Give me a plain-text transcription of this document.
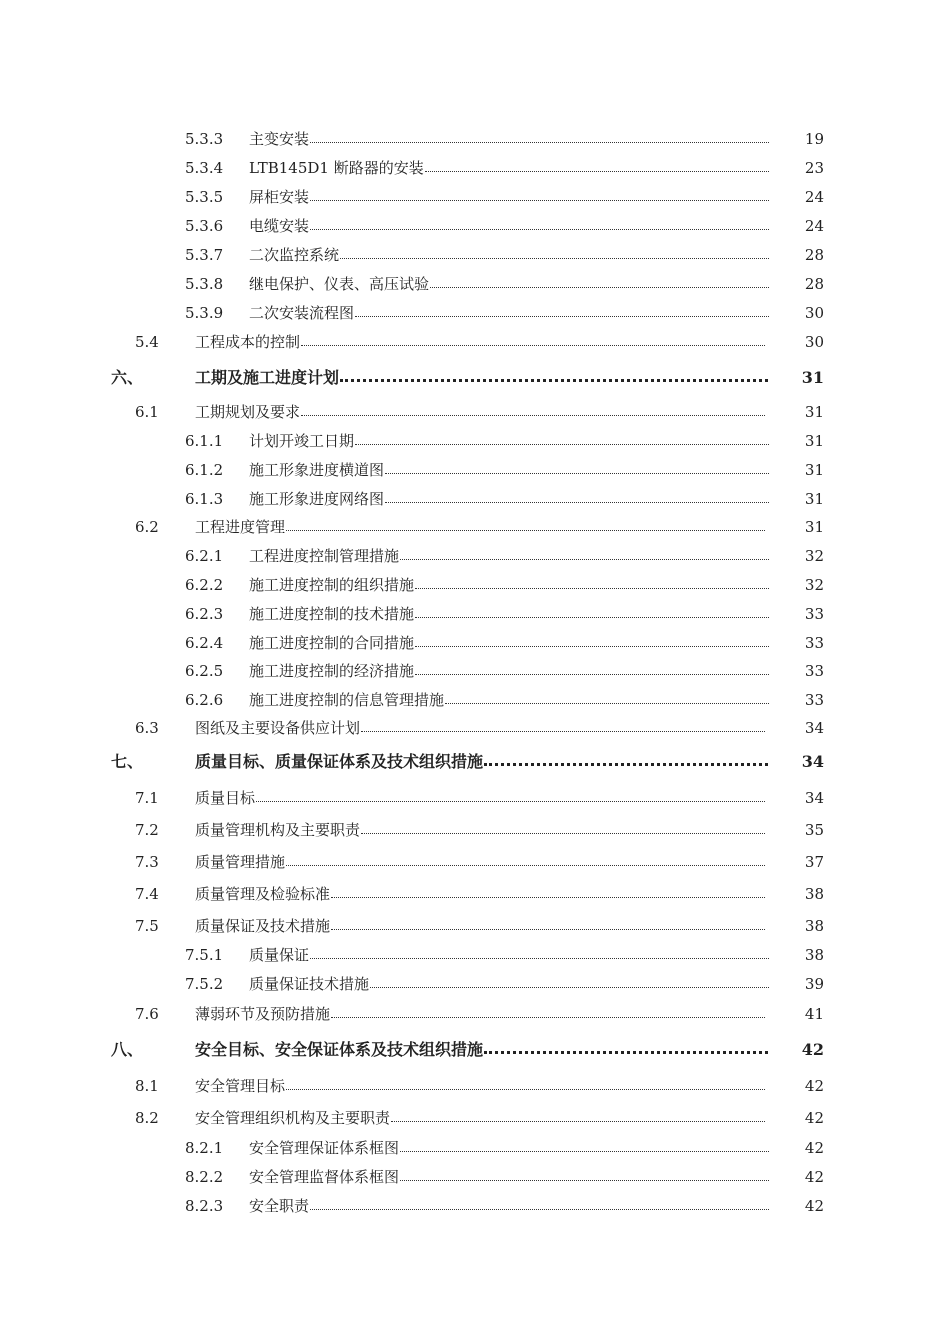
5.3.3 主变安装	19
5.3.4 LTB145D1 断路器的安装	23
5.3.5 屏柜安装	24
5.3.6 电缆安装	24
5.3.7 二次监控系统	28
5.3.8 继电保护、仪表、高压试验	28
5.3.9 二次安装流程图	30
5.4 工程成本的控制	30
六、	工期及施工进度计划	31
6.1 工期规划及要求	31
6.1.1 计划开竣工日期	31
6.1.2 施工形象进度横道图	31
6.1.3 施工形象进度网络图	31
6.2 工程进度管理	31
6.2.1 工程进度控制管理措施	32
6.2.2 施工进度控制的组织措施	32
6.2.3 施工进度控制的技术措施	33
6.2.4 施工进度控制的合同措施	33
6.2.5 施工进度控制的经济措施	33
6.2.6 施工进度控制的信息管理措施	33
6.3 图纸及主要设备供应计划	34
七、	质量目标、质量保证体系及技术组织措施	34
7.1 质量目标	34
7.2 质量管理机构及主要职责	35
7.3 质量管理措施	37
7.4 质量管理及检验标准	38
7.5 质量保证及技术措施	38
7.5.1 质量保证	38
7.5.2 质量保证技术措施	39
7.6 薄弱环节及预防措施	41
八、	安全目标、安全保证体系及技术组织措施	42
8.1 安全管理目标	42
8.2 安全管理组织机构及主要职责	42
8.2.1 安全管理保证体系框图	42
8.2.2 安全管理监督体系框图	42
8.2.3 安全职责	42
